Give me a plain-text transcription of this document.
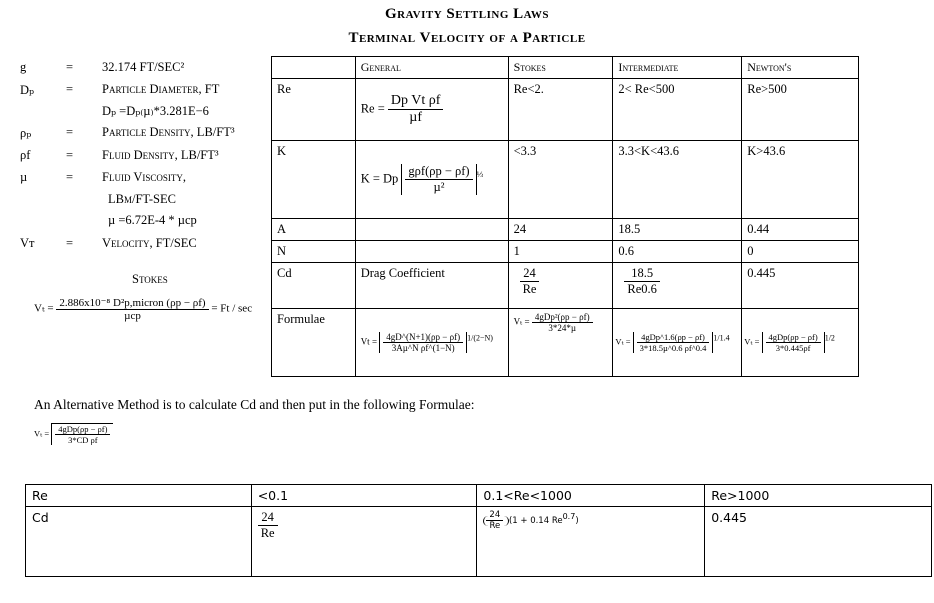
Gravity Settling Laws
Terminal Velocity of a Particle
g	= 32.174 FT/SEC²
Dₚ	= Particle Diameter, FT
Dₚ =Dₚ₍µ₎*3.281E−6
ρₚ	= Particle Density, LB/FT³
ρf	= Fluid Density, LB/FT³
µ	= Fluid Viscosity,
LBm/FT-SEC
µ =6.72E-4 * µcp
Vт	= Velocity, FT/SEC
Stokes
$V_t = \frac{\text{2.886x10⁻⁸ D²p,micron (ρp − ρf)}}{\text{µcp}} = Ft / \sec$
	General	Stokes	Intermediate	Newton's
Re	$Re = \frac{\text{Dp Vt ρf}}{\text{µf}}$	Re<2.	2< Re<500	Re>500
K	K = Dp $\frac{\text{gρf(ρp − ρf)}}{\text{µ²}} ^{\frac{1}{3}}$	<3.3	3.3<K<43.6	K>43.6
A		24	18.5	0.44
N		1	0.6	0
Cd	Drag Coefficient	$\frac{24}{Re}$	$\frac{18.5}{Re0.6}$	0.445
Formulae	$Vt = \frac{4gD\^{}(N+1)(\rho p - \rho f)}{\text{3Aµ\textasciicircum{}N ρf\textasciicircum{}(1−N)}} ^{1/(2-N)}$	$V_t = \frac{\text{4gDp²(ρp − ρf)}}{\text{3*24*µ}}$	$V_t = \frac{\text{4gDp\textasciicircum{}1.6(ρp − ρf)}}{\text{3*18.5µ\textasciicircum{}0.6 ρf\textasciicircum{}0.4}} ^{1/1.4}$	$V_t = \frac{\text{4gDp(ρp − ρf)}}{3*0.445\rho f} ^{1/2}$
An Alternative Method is to calculate Cd and then put in the following Formulae:
$V_t = \frac{\text{4gDp(ρp − ρf)}}{\text{3*CD ρf}}$
Re	<0.1	0.1<Re<1000	Re>1000
Cd	$\frac{24}{Re}$	$\frac{24}{Re} (1 + 0.14$ $Re^{0.7}$)	0.445
